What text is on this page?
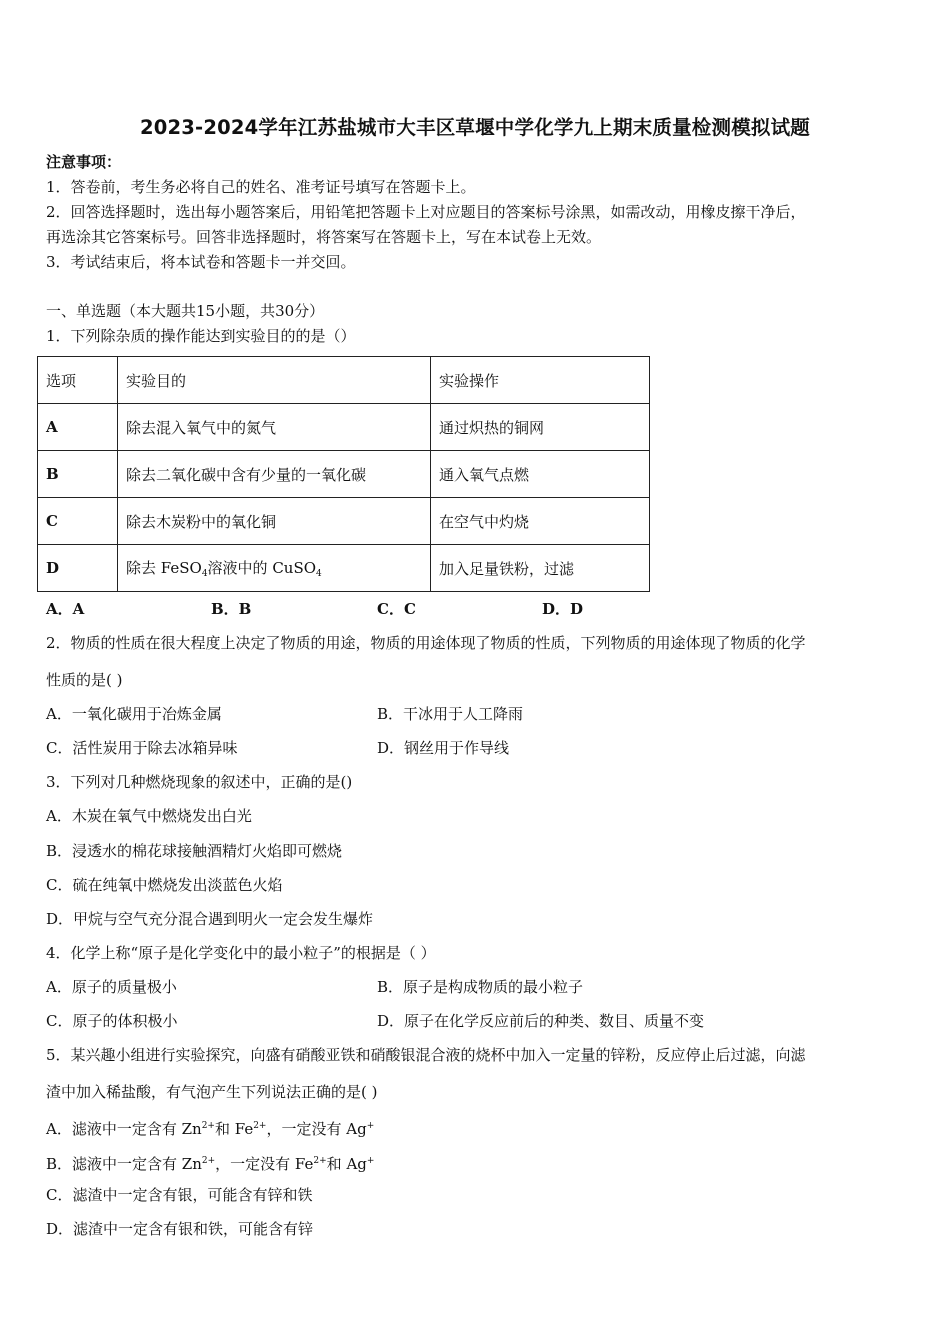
2023-2024学年江苏盐城市大丰区草堰中学化学九上期末质量检测模拟试题
注意事项：
1．答卷前，考生务必将自己的姓名、准考证号填写在答题卡上。
2．回答选择题时，选出每小题答案后，用铅笔把答题卡上对应题目的答案标号涂黑，如需改动，用橡皮擦干净后，
再选涂其它答案标号。回答非选择题时，将答案写在答题卡上，写在本试卷上无效。
3．考试结束后，将本试卷和答题卡一并交回。
一、单选题（本大题共15小题，共30分）
1．下列除杂质的操作能达到实验目的的是（）
选项	实验目的	实验操作
A	除去混入氧气中的氮气	通过炽热的铜网
B	除去二氧化碳中含有少量的一氧化碳	通入氧气点燃
C	除去木炭粉中的氧化铜	在空气中灼烧
D	除去 FeSO$_4$溶液中的 CuSO$_4$	加入足量铁粉，过滤
A．A	B．B	C．C	D．D
2．物质的性质在很大程度上决定了物质的用途，物质的用途体现了物质的性质，下列物质的用途体现了物质的化学
性质的是( )
A．一氧化碳用于冶炼金属	B．干冰用于人工降雨
C．活性炭用于除去冰箱异味	D．钢丝用于作导线
3．下列对几种燃烧现象的叙述中，正确的是()
A．木炭在氧气中燃烧发出白光
B．浸透水的棉花球接触酒精灯火焰即可燃烧
C．硫在纯氧中燃烧发出淡蓝色火焰
D．甲烷与空气充分混合遇到明火一定会发生爆炸
4．化学上称“原子是化学变化中的最小粒子”的根据是（ ）
A．原子的质量极小	B．原子是构成物质的最小粒子
C．原子的体积极小	D．原子在化学反应前后的种类、数目、质量不变
5．某兴趣小组进行实验探究，向盛有硝酸亚铁和硝酸银混合液的烧杯中加入一定量的锌粉，反应停止后过滤，向滤
渣中加入稀盐酸，有气泡产生下列说法正确的是( )
A．滤液中一定含有 $Zn^{2+}$和 $Fe^{2+}$，一定没有 Ag+
B．滤液中一定含有 $Zn^{2+}$，一定没有 $Fe^{2+}$和 Ag+
C．滤渣中一定含有银，可能含有锌和铁
D．滤渣中一定含有银和铁，可能含有锌
